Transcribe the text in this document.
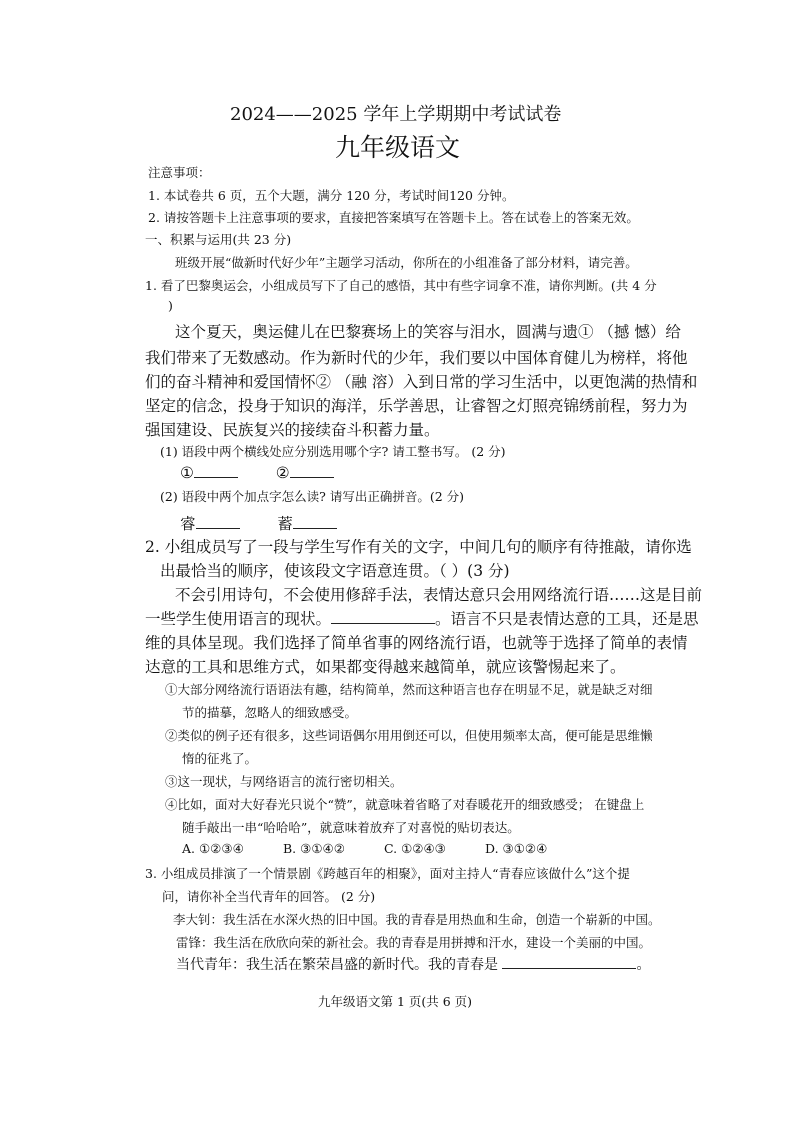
2024——2025 学年上学期期中考试试卷
九年级语文
注意事项：
1. 本试卷共 6 页，五个大题，满分 120 分，考试时间120 分钟。
2. 请按答题卡上注意事项的要求，直接把答案填写在答题卡上。答在试卷上的答案无效。
一、积累与运用(共 23 分)
班级开展“做新时代好少年”主题学习活动，你所在的小组准备了部分材料，请完善。
1. 看了巴黎奥运会，小组成员写下了自己的感悟，其中有些字词拿不准，请你判断。(共 4 分
)
这个夏天，奥运健儿在巴黎赛场上的笑容与泪水，圆满与遗① （撼 憾）给
我们带来了无数感动。作为新时代的少年，我们要以中国体育健儿为榜样，将他
们的奋斗精神和爱国情怀② （融 溶）入到日常的学习生活中，以更饱满的热情和
坚定的信念，投身于知识的海洋，乐学善思，让睿智之灯照亮锦绣前程，努力为
强国建设、民族复兴的接续奋斗积蓄力量。
(1) 语段中两个横线处应分别选用哪个字? 请工整书写。 (2 分)
①	②
(2) 语段中两个加点字怎么读? 请写出正确拼音。(2 分)
睿	蓄
2. 小组成员写了一段与学生写作有关的文字，中间几句的顺序有待推敲，请你选
出最恰当的顺序，使该段文字语意连贯。（ ）(3 分)
不会引用诗句，不会使用修辞手法，表情达意只会用网络流行语……这是目前
一些学生使用语言的现状。	。语言不只是表情达意的工具，还是思
维的具体呈现。我们选择了简单省事的网络流行语，也就等于选择了简单的表情
达意的工具和思维方式，如果都变得越来越简单，就应该警惕起来了。
①大部分网络流行语语法有趣，结构简单，然而这种语言也存在明显不足，就是缺乏对细
节的描摹，忽略人的细致感受。
②类似的例子还有很多，这些词语偶尔用用倒还可以，但使用频率太高，便可能是思维懒
惰的征兆了。
③这一现状，与网络语言的流行密切相关。
④比如，面对大好春光只说个“赞”，就意味着省略了对春暖花开的细致感受； 在键盘上
随手敲出一串“哈哈哈”，就意味着放弃了对喜悦的贴切表达。
A. ①②③④	B. ③①④②	C. ①②④③	D. ③①②④
3. 小组成员排演了一个情景剧《跨越百年的相聚》，面对主持人“青春应该做什么”这个提
问，请你补全当代青年的回答。 (2 分)
李大钊：我生活在水深火热的旧中国。我的青春是用热血和生命，创造一个崭新的中国。
雷锋：我生活在欣欣向荣的新社会。我的青春是用拼搏和汗水，建设一个美丽的中国。
当代青年：我生活在繁荣昌盛的新时代。我的青春是	。
九年级语文第 1 页(共 6 页)
